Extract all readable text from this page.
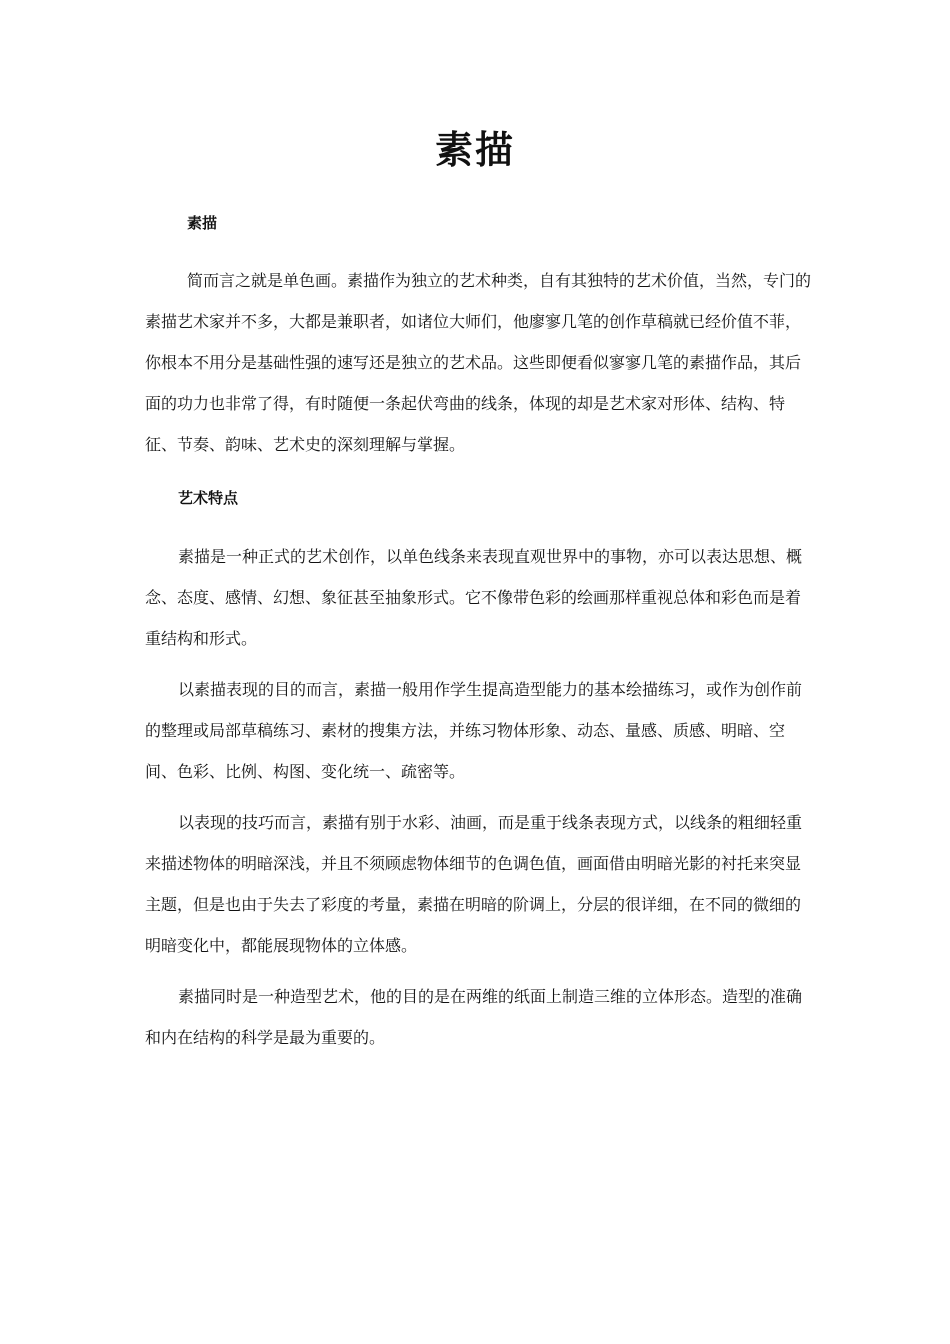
素描
素描

简而言之就是单色画。素描作为独立的艺术种类，自有其独特的艺术价值，当然，专门的素描艺术家并不多，大都是兼职者，如诸位大师们，他廖寥几笔的创作草稿就已经价值不菲，你根本不用分是基础性强的速写还是独立的艺术品。这些即便看似寥寥几笔的素描作品，其后面的功力也非常了得，有时随便一条起伏弯曲的线条，体现的却是艺术家对形体、结构、特征、节奏、韵味、艺术史的深刻理解与掌握。

艺术特点

素描是一种正式的艺术创作，以单色线条来表现直观世界中的事物，亦可以表达思想、概念、态度、感情、幻想、象征甚至抽象形式。它不像带色彩的绘画那样重视总体和彩色而是着重结构和形式。

以素描表现的目的而言，素描一般用作学生提高造型能力的基本绘描练习，或作为创作前的整理或局部草稿练习、素材的搜集方法，并练习物体形象、动态、量感、质感、明暗、空间、色彩、比例、构图、变化统一、疏密等。

以表现的技巧而言，素描有别于水彩、油画，而是重于线条表现方式，以线条的粗细轻重来描述物体的明暗深浅，并且不须顾虑物体细节的色调色值，画面借由明暗光影的衬托来突显主题，但是也由于失去了彩度的考量，素描在明暗的阶调上，分层的很详细，在不同的微细的明暗变化中，都能展现物体的立体感。

素描同时是一种造型艺术，他的目的是在两维的纸面上制造三维的立体形态。造型的准确和内在结构的科学是最为重要的。
